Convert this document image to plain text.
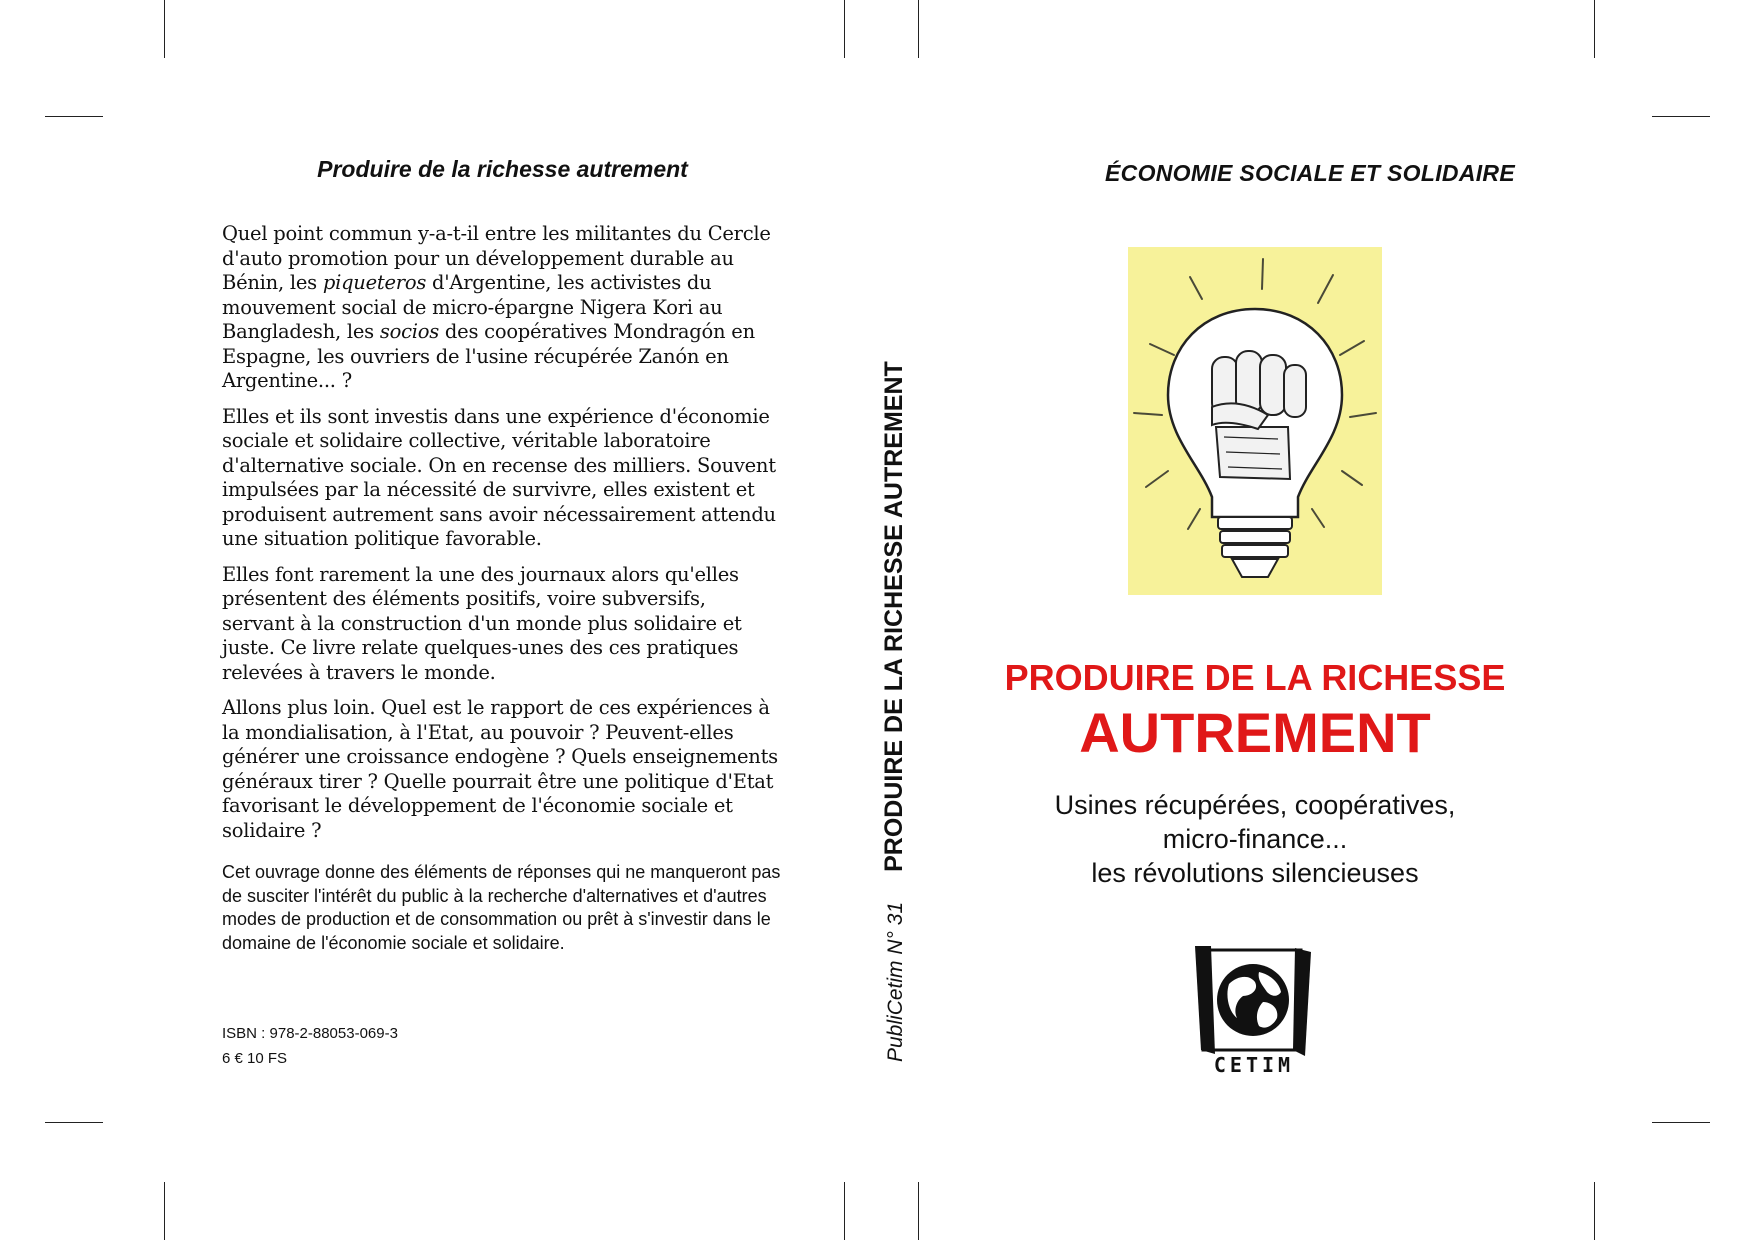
Produire de la richesse autrement

Quel point commun y-a-t-il entre les militantes du Cercle d'auto promotion pour un développement durable au Bénin, les piqueteros d'Argentine, les activistes du mouvement social de micro-épargne Nigera Kori au Bangladesh, les socios des coopératives Mondragón en Espagne, les ouvriers de l'usine récupérée Zanón en Argentine... ?

Elles et ils sont investis dans une expérience d'économie sociale et solidaire collective, véritable laboratoire d'alternative sociale. On en recense des milliers. Souvent impulsées par la nécessité de survivre, elles existent et produisent autrement sans avoir nécessairement attendu une situation politique favorable.

Elles font rarement la une des journaux alors qu'elles présentent des éléments positifs, voire subversifs, servant à la construction d'un monde plus solidaire et juste. Ce livre relate quelques-unes des ces pratiques relevées à travers le monde.

Allons plus loin. Quel est le rapport de ces expériences à la mondialisation, à l'Etat, au pouvoir ? Peuvent-elles générer une croissance endogène ? Quels enseignements généraux tirer ? Quelle pourrait être une politique d'Etat favorisant le développement de l'économie sociale et solidaire ?

Cet ouvrage donne des éléments de réponses qui ne manqueront pas de susciter l'intérêt du public à la recherche d'alternatives et d'autres modes de production et de consommation ou prêt à s'investir dans le domaine de l'économie sociale et solidaire.
ISBN : 978-2-88053-069-3
6 € 10 FS	PubliCetim N° 31
PRODUIRE DE LA RICHESSE AUTREMENT
ÉCONOMIE SOCIALE ET SOLIDAIRE
PRODUIRE DE LA RICHESSE
AUTREMENT
Usines récupérées, coopératives,
micro-finance...
les révolutions silencieuses
CETIM
